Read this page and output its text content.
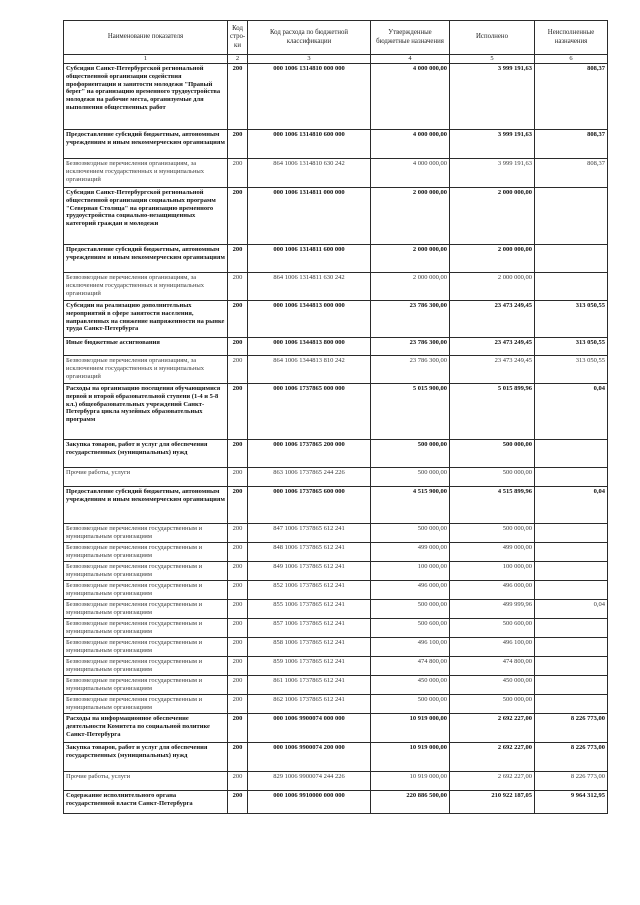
Наименование показателя	Код стро-ки	Код расхода по бюджетной классификации	Утвержденные бюджетные назначения	Исполнено	Неисполненные назначения
1	2	3	4	5	6
Субсидия Санкт-Петербургской региональной общественной организации содействия профориентации и занятости молодежи "Правый берег" на организацию временного трудоустройства молодежи на рабочие места, организуемые для выполнения общественных работ	200	000 1006 1314810 000 000	4 000 000,00	3 999 191,63	808,37
Предоставление субсидий бюджетным, автономным учреждениям и иным некоммерческим организациям	200	000 1006 1314810 600 000	4 000 000,00	3 999 191,63	808,37
Безвозмездные перечисления организациям, за исключением государственных и муниципальных организаций	200	864 1006 1314810 630 242	4 000 000,00	3 999 191,63	808,37
Субсидия Санкт-Петербургской региональной общественной организации социальных программ "Северная Столица" на организацию временного трудоустройства социально-незащищенных категорий граждан и молодежи	200	000 1006 1314811 000 000	2 000 000,00	2 000 000,00	
Предоставление субсидий бюджетным, автономным учреждениям и иным некоммерческим организациям	200	000 1006 1314811 600 000	2 000 000,00	2 000 000,00	
Безвозмездные перечисления организациям, за исключением государственных и муниципальных организаций	200	864 1006 1314811 630 242	2 000 000,00	2 000 000,00	
Субсидии на реализацию дополнительных мероприятий в сфере занятости населения, направленных на снижение напряженности на рынке труда Санкт-Петербурга	200	000 1006 1344813 000 000	23 786 300,00	23 473 249,45	313 050,55
Иные бюджетные ассигнования	200	000 1006 1344813 800 000	23 786 300,00	23 473 249,45	313 050,55
Безвозмездные перечисления организациям, за исключением государственных и муниципальных организаций	200	864 1006 1344813 810 242	23 786 300,00	23 473 249,45	313 050,55
Расходы на организацию посещения обучающимися первой и второй образовательной ступени (1-4 и 5-8 кл.) общеобразовательных учреждений Санкт-Петербурга цикла музейных образовательных программ	200	000 1006 1737865 000 000	5 015 900,00	5 015 899,96	0,04
Закупка товаров, работ и услуг для обеспечения государственных (муниципальных) нужд	200	000 1006 1737865 200 000	500 000,00	500 000,00	
Прочие работы, услуги	200	863 1006 1737865 244 226	500 000,00	500 000,00	
Предоставление субсидий бюджетным, автономным учреждениям и иным некоммерческим организациям	200	000 1006 1737865 600 000	4 515 900,00	4 515 899,96	0,04
Безвозмездные перечисления государственным и муниципальным организациям	200	847 1006 1737865 612 241	500 000,00	500 000,00	
Безвозмездные перечисления государственным и муниципальным организациям	200	848 1006 1737865 612 241	499 000,00	499 000,00	
Безвозмездные перечисления государственным и муниципальным организациям	200	849 1006 1737865 612 241	100 000,00	100 000,00	
Безвозмездные перечисления государственным и муниципальным организациям	200	852 1006 1737865 612 241	496 000,00	496 000,00	
Безвозмездные перечисления государственным и муниципальным организациям	200	855 1006 1737865 612 241	500 000,00	499 999,96	0,04
Безвозмездные перечисления государственным и муниципальным организациям	200	857 1006 1737865 612 241	500 600,00	500 600,00	
Безвозмездные перечисления государственным и муниципальным организациям	200	858 1006 1737865 612 241	496 100,00	496 100,00	
Безвозмездные перечисления государственным и муниципальным организациям	200	859 1006 1737865 612 241	474 800,00	474 800,00	
Безвозмездные перечисления государственным и муниципальным организациям	200	861 1006 1737865 612 241	450 000,00	450 000,00	
Безвозмездные перечисления государственным и муниципальным организациям	200	862 1006 1737865 612 241	500 000,00	500 000,00	
Расходы на информационное обеспечение деятельности Комитета по социальной политике Санкт-Петербурга	200	000 1006 9900074 000 000	10 919 000,00	2 692 227,00	8 226 773,00
Закупка товаров, работ и услуг для обеспечения государственных (муниципальных) нужд	200	000 1006 9900074 200 000	10 919 000,00	2 692 227,00	8 226 773,00
Прочие работы, услуги	200	829 1006 9900074 244 226	10 919 000,00	2 692 227,00	8 226 773,00
Содержание исполнительного органа государственной власти Санкт-Петербурга	200	000 1006 9910000 000 000	220 886 500,00	210 922 187,05	9 964 312,95
